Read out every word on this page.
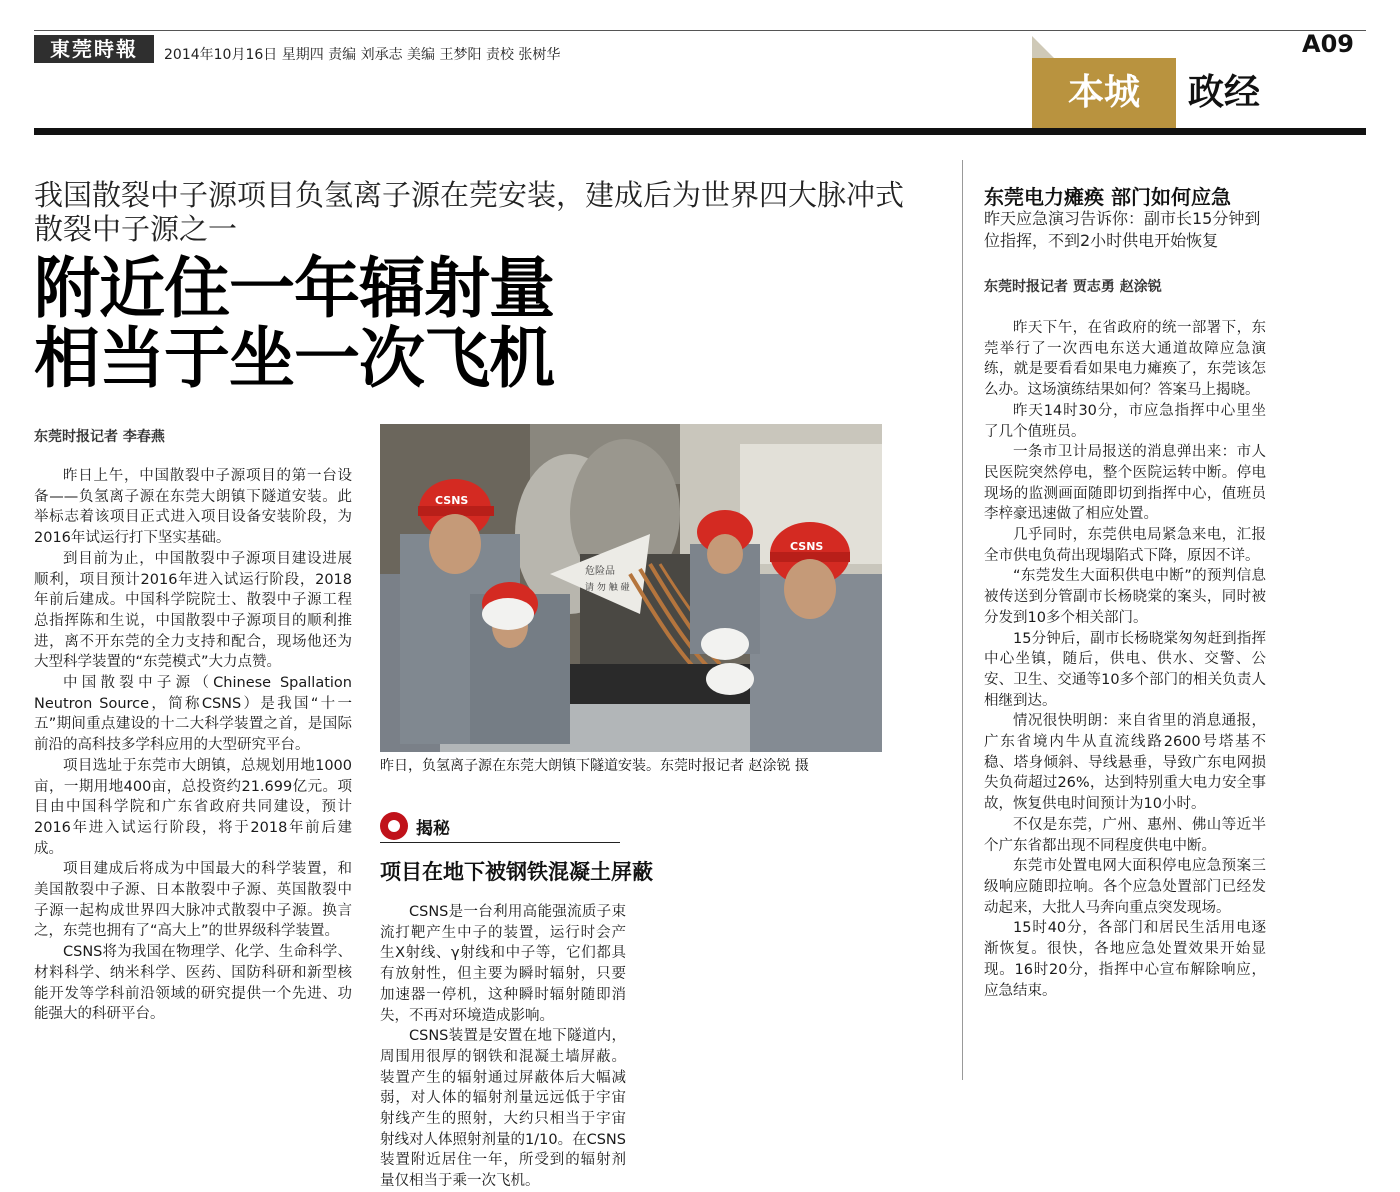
東莞時報	2014年10月16日 星期四 责编 刘承志 美编 王梦阳 责校 张树华	A09
本城	政经
我国散裂中子源项目负氢离子源在莞安装，建成后为世界四大脉冲式散裂中子源之一
附近住一年辐射量
相当于坐一次飞机
东莞时报记者 李春燕

昨日上午，中国散裂中子源项目的第一台设备——负氢离子源在东莞大朗镇下隧道安装。此举标志着该项目正式进入项目设备安装阶段，为2016年试运行打下坚实基础。

到目前为止，中国散裂中子源项目建设进展顺利，项目预计2016年进入试运行阶段，2018年前后建成。中国科学院院士、散裂中子源工程总指挥陈和生说，中国散裂中子源项目的顺利推进，离不开东莞的全力支持和配合，现场他还为大型科学装置的“东莞模式”大力点赞。

中国散裂中子源（Chinese Spallation Neutron Source，简称CSNS）是我国“十一五”期间重点建设的十二大科学装置之首，是国际前沿的高科技多学科应用的大型研究平台。

项目选址于东莞市大朗镇，总规划用地1000亩，一期用地400亩，总投资约21.699亿元。项目由中国科学院和广东省政府共同建设，预计2016年进入试运行阶段，将于2018年前后建成。

项目建成后将成为中国最大的科学装置，和美国散裂中子源、日本散裂中子源、英国散裂中子源一起构成世界四大脉冲式散裂中子源。换言之，东莞也拥有了“高大上”的世界级科学装置。

CSNS将为我国在物理学、化学、生命科学、材料科学、纳米科学、医药、国防科研和新型核能开发等学科前沿领域的研究提供一个先进、功能强大的科研平台。

CSNS
CSNS
危险品
请 勿 触 碰
昨日，负氢离子源在东莞大朗镇下隧道安装。东莞时报记者 赵涂锐 摄
揭秘
项目在地下被钢铁混凝土屏蔽

CSNS是一台利用高能强流质子束流打靶产生中子的装置，运行时会产生X射线、γ射线和中子等，它们都具有放射性，但主要为瞬时辐射，只要加速器一停机，这种瞬时辐射随即消失，不再对环境造成影响。

CSNS装置是安置在地下隧道内，周围用很厚的钢铁和混凝土墙屏蔽。装置产生的辐射通过屏蔽体后大幅减弱，对人体的辐射剂量远远低于宇宙射线产生的照射，大约只相当于宇宙射线对人体照射剂量的1/10。在CSNS装置附近居住一年，所受到的辐射剂量仅相当于乘一次飞机。

东莞电力瘫痪 部门如何应急
昨天应急演习告诉你：副市长15分钟到位指挥，不到2小时供电开始恢复
东莞时报记者 贾志勇 赵涂锐

昨天下午，在省政府的统一部署下，东莞举行了一次西电东送大通道故障应急演练，就是要看看如果电力瘫痪了，东莞该怎么办。这场演练结果如何？答案马上揭晓。

昨天14时30分，市应急指挥中心里坐了几个值班员。

一条市卫计局报送的消息弹出来：市人民医院突然停电，整个医院运转中断。停电现场的监测画面随即切到指挥中心，值班员李梓豪迅速做了相应处置。

几乎同时，东莞供电局紧急来电，汇报全市供电负荷出现塌陷式下降，原因不详。

“东莞发生大面积供电中断”的预判信息被传送到分管副市长杨晓棠的案头，同时被分发到10多个相关部门。

15分钟后，副市长杨晓棠匆匆赶到指挥中心坐镇，随后，供电、供水、交警、公安、卫生、交通等10多个部门的相关负责人相继到达。

情况很快明朗：来自省里的消息通报，广东省境内牛从直流线路2600号塔基不稳、塔身倾斜、导线悬垂，导致广东电网损失负荷超过26%，达到特别重大电力安全事故，恢复供电时间预计为10小时。

不仅是东莞，广州、惠州、佛山等近半个广东省都出现不同程度供电中断。

东莞市处置电网大面积停电应急预案三级响应随即拉响。各个应急处置部门已经发动起来，大批人马奔向重点突发现场。

15时40分，各部门和居民生活用电逐渐恢复。很快，各地应急处置效果开始显现。16时20分，指挥中心宣布解除响应，应急结束。
